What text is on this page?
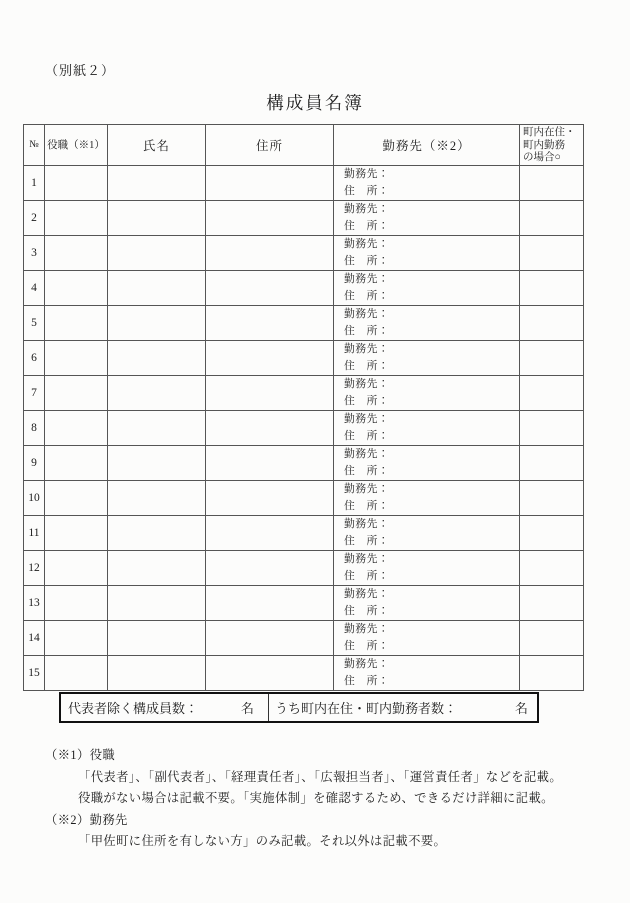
（別紙２）
構成員名簿
№	役職（※1）	氏名	住所	勤務先（※2）	町内在住・
町内勤務
の場合○

1				勤務先：
住　所：	

2				勤務先：
住　所：	

3				勤務先：
住　所：	

4				勤務先：
住　所：	

5				勤務先：
住　所：	

6				勤務先：
住　所：	

7				勤務先：
住　所：	

8				勤務先：
住　所：	

9				勤務先：
住　所：	

10				勤務先：
住　所：	

11				勤務先：
住　所：	

12				勤務先：
住　所：	

13				勤務先：
住　所：	

14				勤務先：
住　所：	

15				勤務先：
住　所：	

代表者除く構成員数：	名 うち町内在住・町内勤務者数：	名
（※1）役職
「代表者」、「副代表者」、「経理責任者」、「広報担当者」、「運営責任者」などを記載。
役職がない場合は記載不要。「実施体制」を確認するため、できるだけ詳細に記載。
（※2）勤務先
「甲佐町に住所を有しない方」のみ記載。それ以外は記載不要。
